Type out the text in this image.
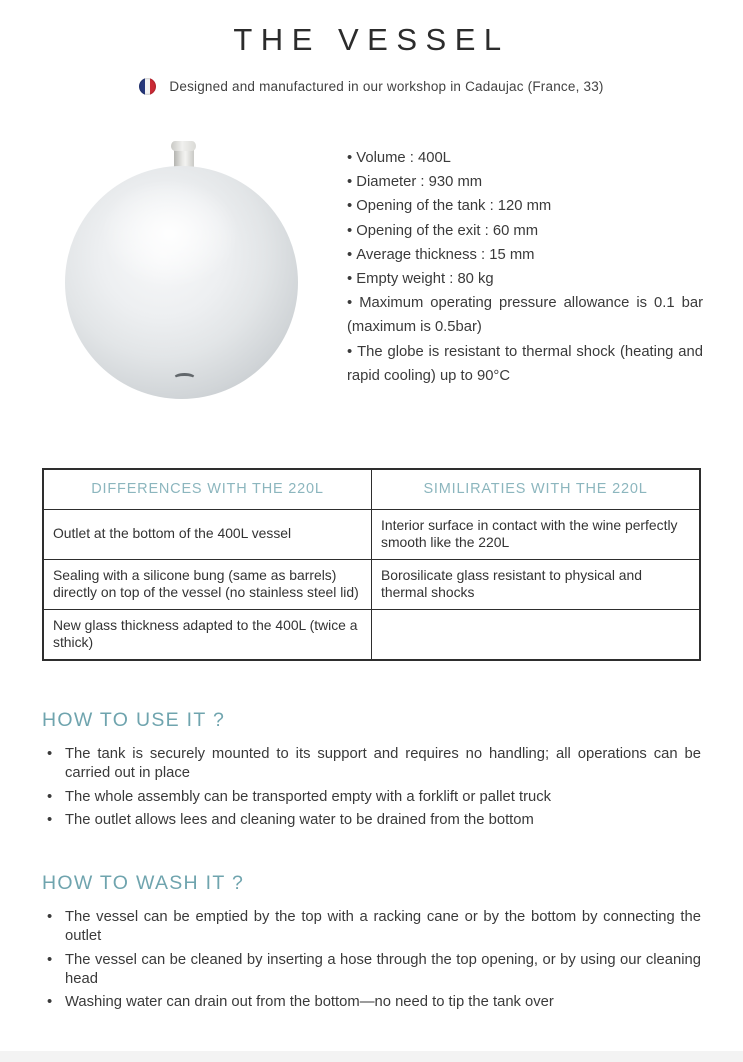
THE VESSEL
Designed and manufactured in our workshop in Cadaujac (France, 33)
• Volume : 400L
• Diameter : 930 mm
• Opening of the tank : 120 mm
• Opening of the exit : 60 mm
• Average thickness : 15 mm
• Empty weight : 80 kg
• Maximum operating pressure allowance is 0.1 bar (maximum is 0.5bar)
• The globe is resistant to thermal shock (heating and rapid cooling) up to 90°C
DIFFERENCES WITH THE 220L	SIMILIRATIES WITH THE 220L
Outlet at the bottom of the 400L vessel	Interior surface in contact with the wine perfectly smooth like the 220L
Sealing with a silicone bung (same as barrels) directly on top of the vessel (no stainless steel lid)	Borosilicate glass resistant to physical and thermal shocks
New glass thickness adapted to the 400L (twice a sthick)	
HOW TO USE IT ?
• The tank is securely mounted to its support and requires no handling; all operations can be carried out in place
• The whole assembly can be transported empty with a forklift or pallet truck
• The outlet allows lees and cleaning water to be drained from the bottom
HOW TO WASH IT ?
• The vessel can be emptied by the top with a racking cane or by the bottom by connecting the outlet
• The vessel can be cleaned by inserting a hose through the top opening, or by using our cleaning head
• Washing water can drain out from the bottom—no need to tip the tank over
